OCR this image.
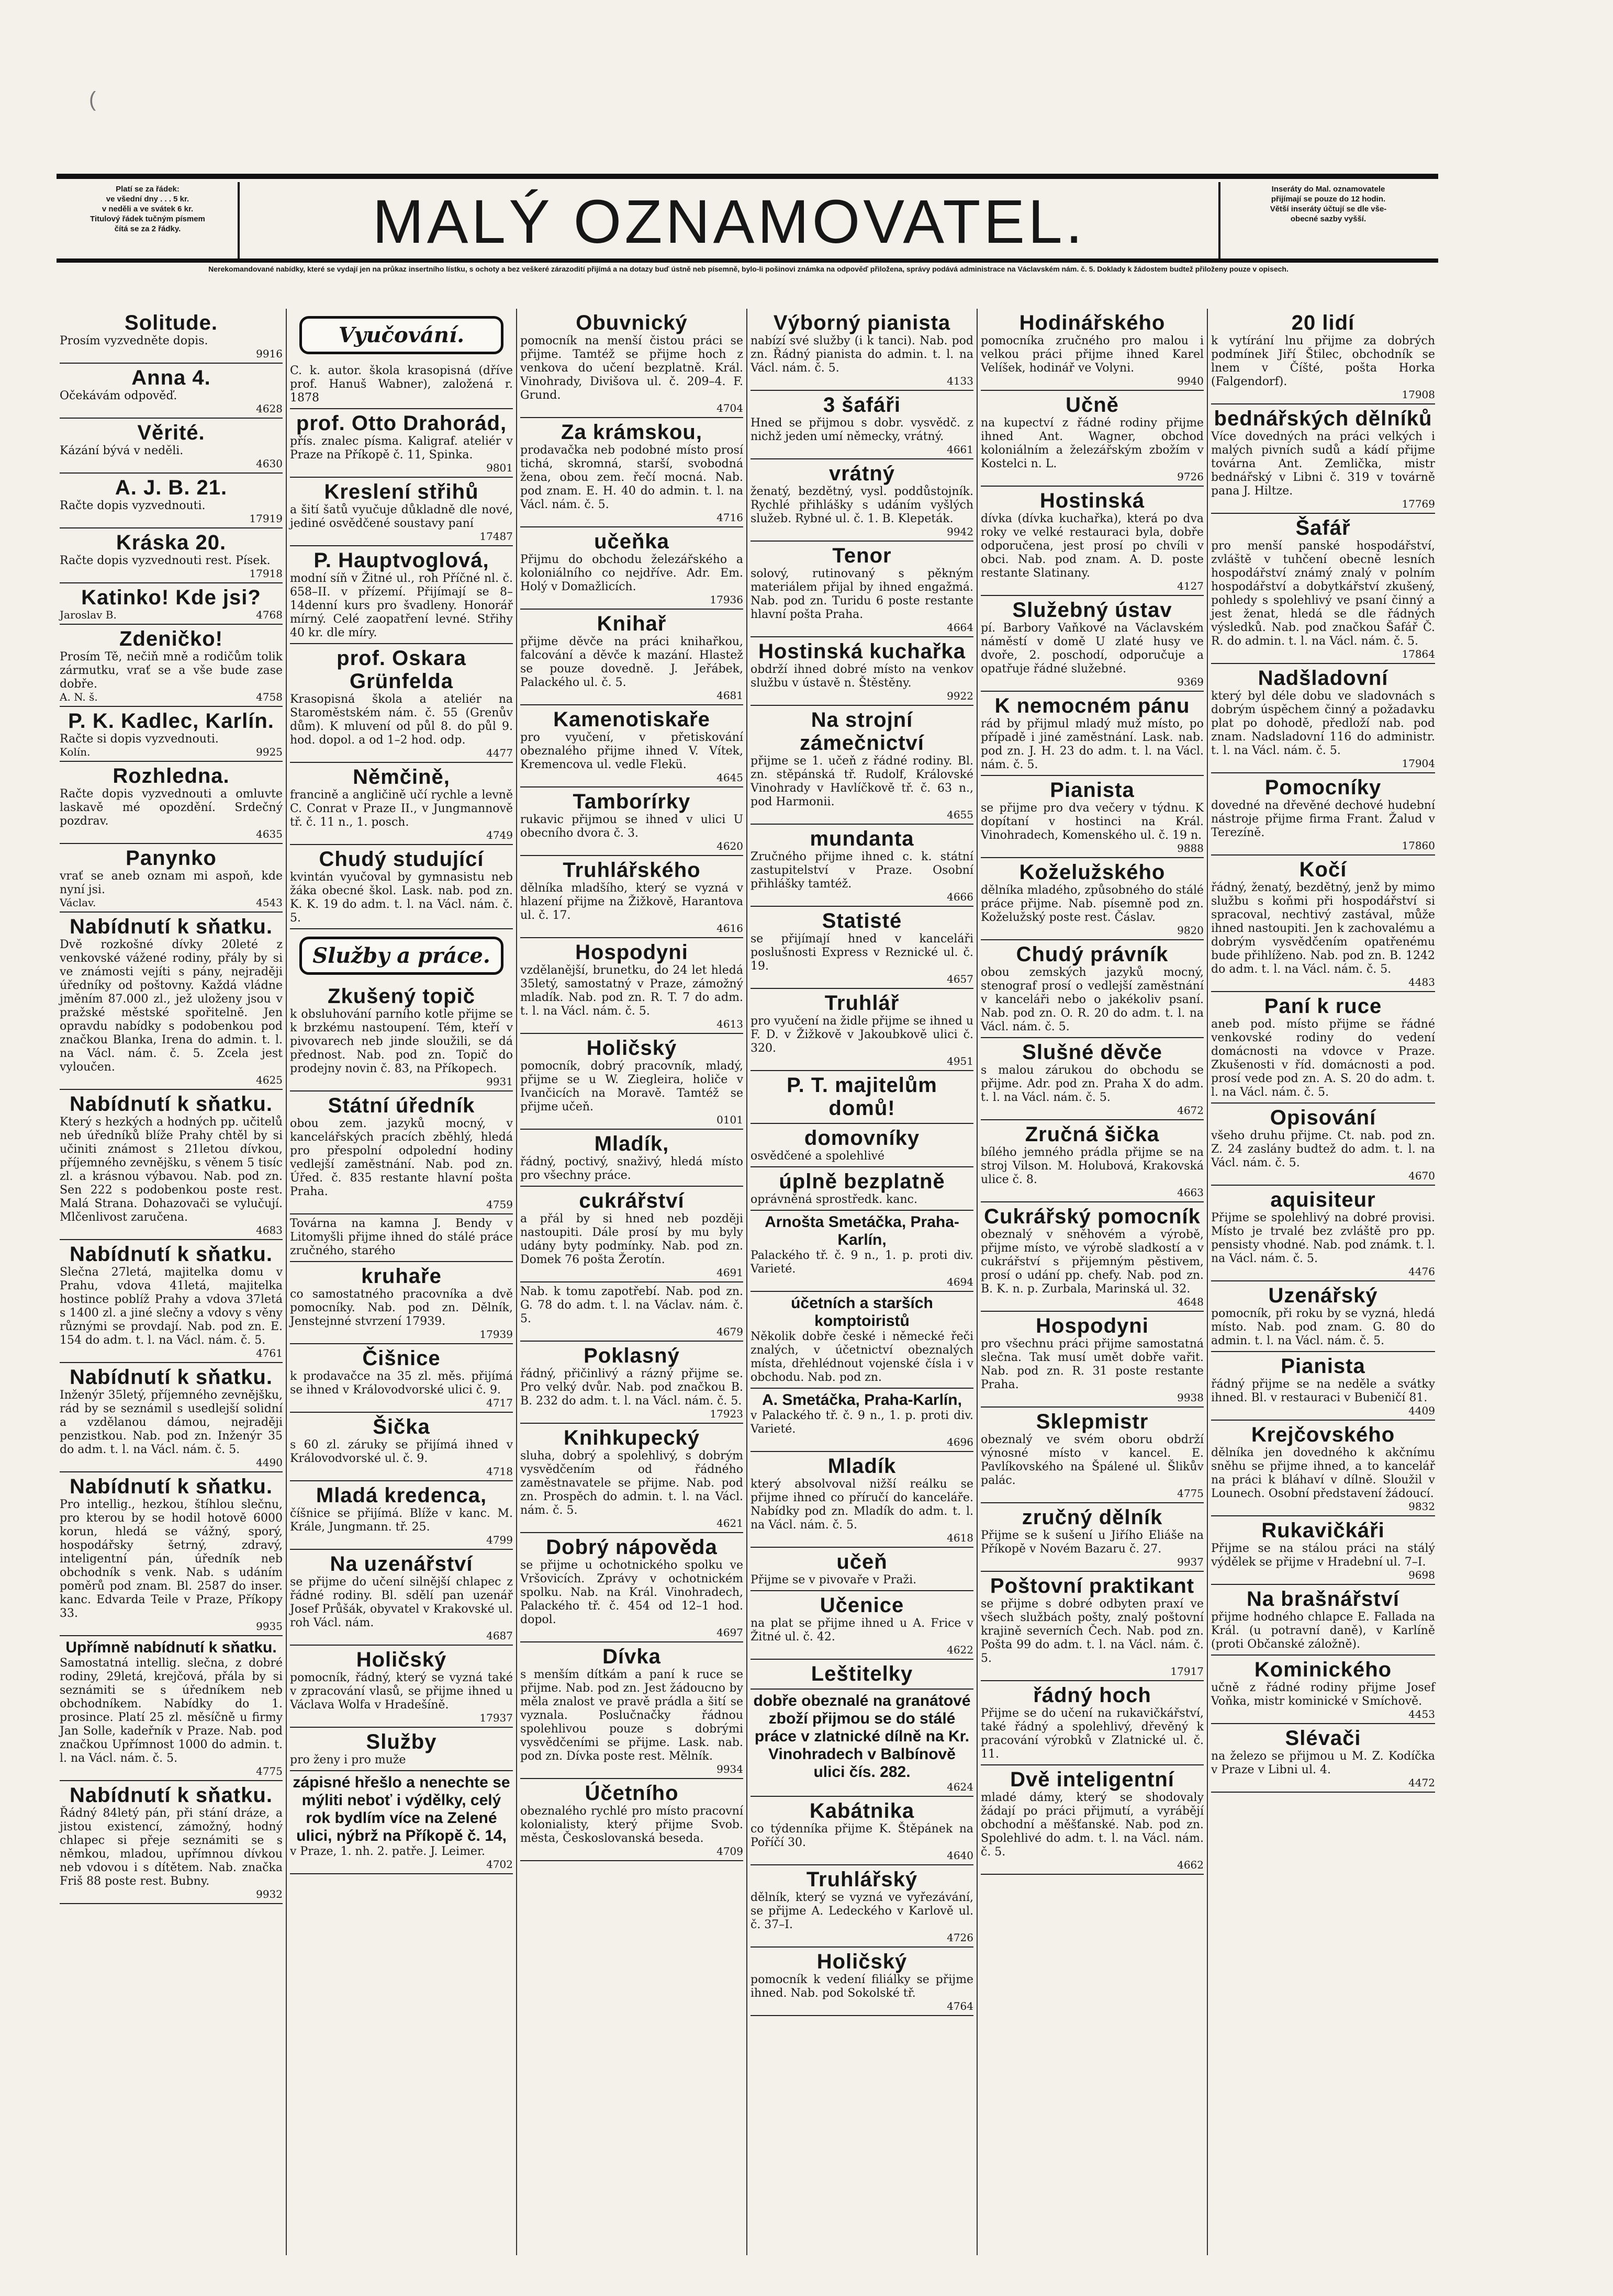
(
Platí se za řádek:
ve všední dny . . . 5 kr.
v neděli a ve svátek 6 kr.
Titulový řádek tučným písmem
čítá se za 2 řádky.	MALÝ OZNAMOVATEL.	Inseráty do Mal. oznamovatele
přijímají se pouze do 12 hodin.
Větší inseráty účtují se dle vše-
obecné sazby vyšší.
Nerekomandované nabídky, které se vydají jen na průkaz insertního lístku, s ochoty a bez veškeré zárazodití přijímá a na dotazy buď ústně neb písemně, bylo-li pošinovi známka na odpověď přiložena, správy podává administrace na Václavském nám. č. 5. Doklady k žádostem budtež přiloženy pouze v opisech.
Solitude.
Prosím vyzvedněte dopis.
9916
Anna 4.
Očekávám odpověď.
4628
Věrité.
Kázání bývá v neděli.
4630
A. J. B. 21.
Račte dopis vyzvednouti.
17919
Kráska 20.
Račte dopis vyzvednouti rest. Písek.
17918
Katinko! Kde jsi?
Jaroslav B.	4768
Zdeničko!
Prosím Tě, nečiň mně a rodičům tolik zármutku, vrať se a vše bude zase dobře.
A. N. š.	4758
P. K. Kadlec, Karlín.
Račte si dopis vyzvednouti.
Kolín.	9925
Rozhledna.
Račte dopis vyzvednouti a omluvte laskavě mé opozdění. Srdečný pozdrav.
4635
Panynko
vrať se aneb oznam mi aspoň, kde nyní jsi.
Václav.	4543
Nabídnutí k sňatku.
Dvě rozkošné dívky 20leté z venkovské vážené rodiny, přály by si ve známosti vejíti s pány, nejraději úředníky od poštovny. Každá vládne jměním 87.000 zl., jež uloženy jsou v pražské městské spořitelně. Jen opravdu nabídky s podobenkou pod značkou Blanka, Irena do admin. t. l. na Václ. nám. č. 5. Zcela jest vyloučen.
4625
Nabídnutí k sňatku.
Který s hezkých a hodných pp. učitelů neb úředníků blíže Prahy chtěl by si učiniti známost s 21letou dívkou, příjemného zevnějšku, s věnem 5 tisíc zl. a krásnou výbavou. Nab. pod zn. Sen 222 s podobenkou poste rest. Malá Strana. Dohazovači se vylučují. Mlčenlivost zaručena.
4683
Nabídnutí k sňatku.
Slečna 27letá, majitelka domu v Prahu, vdova 41letá, majitelka hostince poblíž Prahy a vdova 37letá s 1400 zl. a jiné slečny a vdovy s věny různými se provdají. Nab. pod zn. E. 154 do adm. t. l. na Václ. nám. č. 5.
4761
Nabídnutí k sňatku.
Inženýr 35letý, příjemného zevnějšku, rád by se seznámil s usedlejší solidní a vzdělanou dámou, nejraději penzistkou. Nab. pod zn. Inženýr 35 do adm. t. l. na Václ. nám. č. 5.
4490
Nabídnutí k sňatku.
Pro intellig., hezkou, štíhlou slečnu, pro kterou by se hodil hotově 6000 korun, hledá se vážný, sporý, hospodářsky šetrný, zdravý, inteligentní pán, úředník neb obchodník s venk. Nab. s udáním poměrů pod znam. Bl. 2587 do inser. kanc. Edvarda Teile v Praze, Příkopy 33.
9935
Upřímně nabídnutí k sňatku.
Samostatná intellig. slečna, z dobré rodiny, 29letá, krejčová, přála by si seznámiti se s úředníkem neb obchodníkem. Nabídky do 1. prosince. Platí 25 zl. měsíčně u firmy Jan Solle, kadeřník v Praze. Nab. pod značkou Upřímnost 1000 do admin. t. l. na Václ. nám. č. 5.
4775
Nabídnutí k sňatku.
Řádný 84letý pán, při stání dráze, a jistou existencí, zámožný, hodný chlapec si přeje seznámiti se s němkou, mladou, upřímnou dívkou neb vdovou i s dítětem. Nab. značka Friš 88 poste rest. Bubny.
9932
Vyučování.
C. k. autor. škola krasopisná (dříve prof. Hanuš Wabner), založená r. 1878
prof. Otto Drahorád,
přís. znalec písma. Kaligraf. ateliér v Praze na Příkopě č. 11, Spinka.
9801
Kreslení střihů
a šití šatů vyučuje důkladně dle nové, jediné osvědčené soustavy paní
17487
P. Hauptvoglová,
modní síň v Žitné ul., roh Příčné nl. č. 658–II. v přízemí. Přijímají se 8–14denní kurs pro švadleny. Honorář mírný. Celé zaopatření levné. Střihy 40 kr. dle míry.
prof. Oskara Grünfelda
Krasopisná škola a ateliér na Staroměstském nám. č. 55 (Grenův dům). K mluvení od půl 8. do půl 9. hod. dopol. a od 1–2 hod. odp.
4477
Němčině,
francině a angličině učí rychle a levně C. Conrat v Praze II., v Jungmannově tř. č. 11 n., 1. posch.
4749
Chudý studující
kvintán vyučoval by gymnasistu neb žáka obecné škol. Lask. nab. pod zn. K. K. 19 do adm. t. l. na Václ. nám. č. 5.
Služby a práce.
Zkušený topič
k obsluhování parního kotle přijme se k brzkému nastoupení. Tém, kteří v pivovarech neb jinde sloužili, se dá přednost. Nab. pod zn. Topič do prodejny novin č. 83, na Příkopech.
9931
Státní úředník
obou zem. jazyků mocný, v kancelářských pracích zběhlý, hledá pro přespolní odpolední hodiny vedlejší zaměstnání. Nab. pod zn. Úřed. č. 835 restante hlavní pošta Praha.
4759
Továrna na kamna J. Bendy v Litomyšli přijme ihned do stálé práce zručného, starého
kruhaře
co samostatného pracovníka a dvě pomocníky. Nab. pod zn. Dělník, Jenstejnné stvrzení 17939.
17939
Čišnice
k prodavačce na 35 zl. měs. přijímá se ihned v Královodvorské ulici č. 9.
4717
Šička
s 60 zl. záruky se přijímá ihned v Královodvorské ul. č. 9.
4718
Mladá kredenca,
číšnice se přijímá. Blíže v kanc. M. Krále, Jungmann. tř. 25.
4799
Na uzenářství
se přijme do učení silnější chlapec z řádné rodiny. Bl. sdělí pan uzenář Josef Průšák, obyvatel v Krakovské ul. roh Václ. nám.
4687
Holičský
pomocník, řádný, který se vyzná také v zpracování vlasů, se přijme ihned u Václava Wolfa v Hradešíně.
17937
Služby
pro ženy i pro muže
zápisné hřešlo a nenechte se mýliti neboť i výdělky, celý rok bydlím více na Zelené ulici, nýbrž na Příkopě č. 14,
v Praze, 1. nh. 2. patře. J. Leimer.
4702
Obuvnický
pomocník na menší čistou práci se přijme. Tamtéž se přijme hoch z venkova do učení bezplatně. Král. Vinohrady, Divišova ul. č. 209–4. F. Grund.
4704
Za krámskou,
prodavačka neb podobné místo prosí tichá, skromná, starší, svobodná žena, obou zem. řečí mocná. Nab. pod znam. E. H. 40 do admin. t. l. na Václ. nám. č. 5.
4716
učeňka
Přijmu do obchodu železářského a koloniálního co nejdříve. Adr. Em. Holý v Domažlicích.
17936
Knihař
přijme děvče na práci knihařkou, falcování a děvče k mazání. Hlastež se pouze dovedně. J. Jeřábek, Palackého ul. č. 5.
4681
Kamenotiskaře
pro vyučení, v přetiskování obeznalého přijme ihned V. Vítek, Kremencova ul. vedle Flekü.
4645
Tamborírky
rukavic přijmou se ihned v ulici U obecního dvora č. 3.
4620
Truhlářského
dělníka mladšího, který se vyzná v hlazení přijme na Žižkově, Harantova ul. č. 17.
4616
Hospodyni
vzdělanější, brunetku, do 24 let hledá 35letý, samostatný v Praze, zámožný mladík. Nab. pod zn. R. T. 7 do adm. t. l. na Václ. nám. č. 5.
4613
Holičský
pomocník, dobrý pracovník, mladý, přijme se u W. Ziegleira, holiče v Ivančicích na Moravě. Tamtéž se přijme učeň.
0101
Mladík,
řádný, poctivý, snaživý, hledá místo pro všechny práce.
cukrářství
a přál by si hned neb později nastoupiti. Dále prosí by mu byly udány byty podmínky. Nab. pod zn. Domek 76 pošta Žerotín.
4691
Nab. k tomu zapotřebí. Nab. pod zn. G. 78 do adm. t. l. na Václav. nám. č. 5.
4679
Poklasný
řádný, přičinlivý a rázný přijme se. Pro velký dvůr. Nab. pod značkou B. B. 232 do adm. t. l. na Václ. nám. č. 5.
17923
Knihkupecký
sluha, dobrý a spolehlivý, s dobrým vysvědčením od řádného zaměstnavatele se přijme. Nab. pod zn. Prospěch do admin. t. l. na Václ. nám. č. 5.
4621
Dobrý nápověda
se přijme u ochotnického spolku ve Vršovicích. Zprávy v ochotnickém spolku. Nab. na Král. Vinohradech, Palackého tř. č. 454 od 12–1 hod. dopol.
4697
Dívka
s menším dítkám a paní k ruce se přijme. Nab. pod zn. Jest žádoucno by měla znalost ve pravě prádla a šití se vyznala. Poslučnačky řádnou spolehlivou pouze s dobrými vysvědčeními se přijme. Lask. nab. pod zn. Dívka poste rest. Mělník.
9934
Účetního
obeznalého rychlé pro místo pracovní kolonialisty, který přijme Svob. města, Českoslovanská beseda.
4709
Výborný pianista
nabízí své služby (i k tanci). Nab. pod zn. Řádný pianista do admin. t. l. na Václ. nám. č. 5.
4133
3 šafáři
Hned se přijmou s dobr. vysvědč. z nichž jeden umí německy, vrátný.
4661
vrátný
ženatý, bezdětný, vysl. poddůstojník. Rychlé přihlášky s udáním vyšlých služeb. Rybné ul. č. 1. B. Klepeták.
9942
Tenor
solový, rutinovaný s pěkným materiálem přijal by ihned engažmá. Nab. pod zn. Turidu 6 poste restante hlavní pošta Praha.
4664
Hostinská kuchařka
obdrží ihned dobré místo na venkov službu v ústavě n. Štěstěny.
9922
Na strojní zámečnictví
přijme se 1. učeň z řádné rodiny. Bl. zn. stěpánská tř. Rudolf, Královské Vinohrady v Havlíčkově tř. č. 63 n., pod Harmonii.
4655
mundanta
Zručného přijme ihned c. k. státní zastupitelství v Praze. Osobní přihlášky tamtéž.
4666
Statisté
se přijímají hned v kanceláři poslušnosti Express v Reznické ul. č. 19.
4657
Truhlář
pro vyučení na židle přijme se ihned u F. D. v Žižkově v Jakoubkově ulici č. 320.
4951
P. T. majitelům domů!
domovníky
osvědčené a spolehlivé
úplně bezplatně
oprávněná sprostředk. kanc.
Arnošta Smetáčka, Praha-Karlín,
Palackého tř. č. 9 n., 1. p. proti div. Varieté.
4694
účetních a starších komptoiristů
Několik dobře české i německé řeči znalých, v účetnictví obeznalých místa, dřehlédnout vojenské čísla i v obchodu. Nab. pod zn.
A. Smetáčka, Praha-Karlín,
v Palackého tř. č. 9 n., 1. p. proti div. Varieté.
4696
Mladík
který absolvoval nižší reálku se přijme ihned co příručí do kanceláře. Nabídky pod zn. Mladík do adm. t. l. na Václ. nám. č. 5.
4618
učeň
Přijme se v pivovaře v Praži.
Učenice
na plat se přijme ihned u A. Frice v Žitné ul. č. 42.
4622
Leštitelky
dobře obeznalé na granátové zboží přijmou se do stálé práce v zlatnické dílně na Kr. Vinohradech v Balbínově ulici čís. 282.
4624
Kabátnika
co týdenníka přijme K. Štěpánek na Poříčí 30.
4640
Truhlářský
dělník, který se vyzná ve vyřezávání, se přijme A. Ledeckého v Karlově ul. č. 37–I.
4726
Holičský
pomocník k vedení filiálky se přijme ihned. Nab. pod Sokolské tř.
4764
Hodinářského
pomocníka zručného pro malou i velkou práci přijme ihned Karel Velíšek, hodinář ve Volyni.
9940
Učně
na kupectví z řádné rodiny přijme ihned Ant. Wagner, obchod koloniálním a železářským zbožím v Kostelci n. L.
9726
Hostinská
dívka (dívka kuchařka), která po dva roky ve velké restauraci byla, dobře odporučena, jest prosí po chvíli v obci. Nab. pod znam. A. D. poste restante Slatinany.
4127
Služebný ústav
pí. Barbory Vaňkové na Václavském náměstí v domě U zlaté husy ve dvoře, 2. poschodí, odporučuje a opatřuje řádné služebné.
9369
K nemocném pánu
rád by přijmul mladý muž místo, po případě i jiné zaměstnání. Lask. nab. pod zn. J. H. 23 do adm. t. l. na Václ. nám. č. 5.
Pianista
se přijme pro dva večery v týdnu. K dopítaní v hostinci na Král. Vinohradech, Komenského ul. č. 19 n.
9888
Koželužského
dělníka mladého, způsobného do stálé práce přijme. Nab. písemně pod zn. Koželužský poste rest. Čáslav.
9820
Chudý právník
obou zemských jazyků mocný, stenograf prosí o vedlejší zaměstnání v kanceláři nebo o jakékoliv psaní. Nab. pod zn. O. R. 20 do adm. t. l. na Václ. nám. č. 5.
Slušné děvče
s malou zárukou do obchodu se přijme. Adr. pod zn. Praha X do adm. t. l. na Václ. nám. č. 5.
4672
Zručná šička
bílého jemného prádla přijme se na stroj Vilson. M. Holubová, Krakovská ulice č. 8.
4663
Cukrářský pomocník
obeznalý v sněhovém a výrobě, přijme místo, ve výrobě sladkostí a v cukrářství s přijemným pěstivem, prosí o udání pp. chefy. Nab. pod zn. B. K. n. p. Zurbala, Marinská ul. 32.
4648
Hospodyni
pro všechnu práci přijme samostatná slečna. Tak musí umět dobře vařit. Nab. pod zn. R. 31 poste restante Praha.
9938
Sklepmistr
obeznalý ve svém oboru obdrží výnosné místo v kancel. E. Pavlíkovského na Špálené ul. Šlikův palác.
4775
zručný dělník
Přijme se k sušení u Jiřího Eliáše na Příkopě v Novém Bazaru č. 27.
9937
Poštovní praktikant
se přijme s dobré odbyten praxí ve všech službách pošty, znalý poštovní krajině severních Čech. Nab. pod zn. Pošta 99 do adm. t. l. na Václ. nám. č. 5.
17917
řádný hoch
Přijme se do učení na rukavičkářství, také řádný a spolehlivý, dřevěný k pracování výrobků v Zlatnické ul. č. 11.
Dvě inteligentní
mladé dámy, který se shodovaly žádají po práci přijmutí, a vyrábějí obchodní a měšťanské. Nab. pod zn. Spolehlivé do adm. t. l. na Václ. nám. č. 5.
4662
20 lidí
k vytírání lnu přijme za dobrých podmínek Jiří Štilec, obchodník se lnem v Číšté, pošta Horka (Falgendorf).
17908
bednářských dělníků
Více dovedných na práci velkých i malých pivních sudů a kádí přijme továrna Ant. Zemlička, mistr bednářský v Libni č. 319 v továrně pana J. Hiltze.
17769
Šafář
pro menší panské hospodářství, zvláště v tuhčení obecně lesních hospodářství známý znalý v polním hospodářství a dobytkářství zkušený, pohledy s spolehlivý ve psaní činný a jest ženat, hledá se dle řádných výsledků. Nab. pod značkou Šafář Č. R. do admin. t. l. na Václ. nám. č. 5.
17864
Nadšladovní
který byl déle dobu ve sladovnách s dobrým úspěchem činný a požadavku plat po dohodě, předloží nab. pod znam. Nadsladovní 116 do administr. t. l. na Václ. nám. č. 5.
17904
Pomocníky
dovedné na dřevěné dechové hudební nástroje přijme firma Frant. Žalud v Terezíně.
17860
Kočí
řádný, ženatý, bezdětný, jenž by mimo službu s koňmi při hospodářství si spracoval, nechtivý zastával, může ihned nastoupiti. Jen k zachovalému a dobrým vysvědčením opatřenému bude přihlíženo. Nab. pod zn. B. 1242 do adm. t. l. na Václ. nám. č. 5.
4483
Paní k ruce
aneb pod. místo přijme se řádné venkovské rodiny do vedení domácnosti na vdovce v Praze. Zkušenosti v říd. domácnosti a pod. prosí vede pod zn. A. S. 20 do adm. t. l. na Václ. nám. č. 5.
Opisování
všeho druhu přijme. Ct. nab. pod zn. Z. 24 zaslány budtež do adm. t. l. na Václ. nám. č. 5.
4670
aquisiteur
Přijme se spolehlivý na dobré provisi. Místo je trvalé bez zvláště pro pp. pensisty vhodné. Nab. pod známk. t. l. na Václ. nám. č. 5.
4476
Uzenářský
pomocník, při roku by se vyzná, hledá místo. Nab. pod znam. G. 80 do admin. t. l. na Václ. nám. č. 5.
Pianista
řádný přijme se na neděle a svátky ihned. Bl. v restauraci v Bubeničí 81.
4409
Krejčovského
dělníka jen dovedného k akčnímu sněhu se přijme ihned, a to kancelář na práci k bláhaví v dílně. Sloužil v Lounech. Osobní představení žádoucí.
9832
Rukavičkáři
Přijme se na stálou práci na stálý výdělek se přijme v Hradební ul. 7–I.
9698
Na brašnářství
přijme hodného chlapce E. Fallada na Král. (u potravní daně), v Karlíně (proti Občanské záložně).
Kominického
učně z řádné rodiny přijme Josef Voňka, mistr kominické v Smíchově.
4453
Slévači
na železo se přijmou u M. Z. Kodíčka v Praze v Libni ul. 4.
4472
